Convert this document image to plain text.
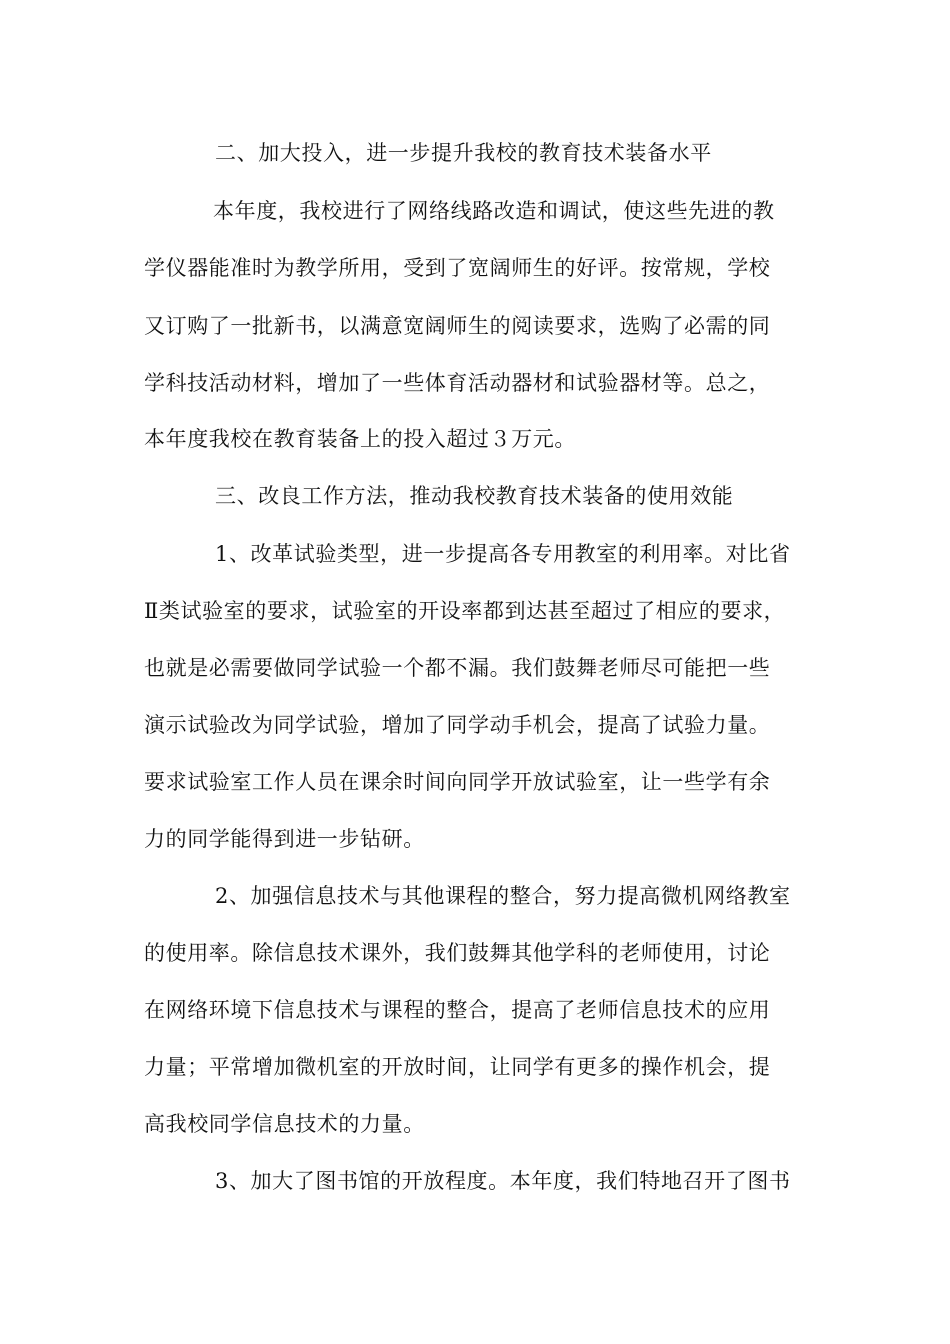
二、加大投入，进一步提升我校的教育技术装备水平
本年度，我校进行了网络线路改造和调试，使这些先进的教
学仪器能准时为教学所用，受到了宽阔师生的好评。按常规，学校
又订购了一批新书，以满意宽阔师生的阅读要求，选购了必需的同
学科技活动材料，增加了一些体育活动器材和试验器材等。总之，
本年度我校在教育装备上的投入超过３万元。
三、改良工作方法，推动我校教育技术装备的使用效能
1、改革试验类型，进一步提高各专用教室的利用率。对比省
Ⅱ类试验室的要求，试验室的开设率都到达甚至超过了相应的要求，
也就是必需要做同学试验一个都不漏。我们鼓舞老师尽可能把一些
演示试验改为同学试验，增加了同学动手机会，提高了试验力量。
要求试验室工作人员在课余时间向同学开放试验室，让一些学有余
力的同学能得到进一步钻研。
2、加强信息技术与其他课程的整合，努力提高微机网络教室
的使用率。除信息技术课外，我们鼓舞其他学科的老师使用，讨论
在网络环境下信息技术与课程的整合，提高了老师信息技术的应用
力量；平常增加微机室的开放时间，让同学有更多的操作机会，提
高我校同学信息技术的力量。
3、加大了图书馆的开放程度。本年度，我们特地召开了图书
